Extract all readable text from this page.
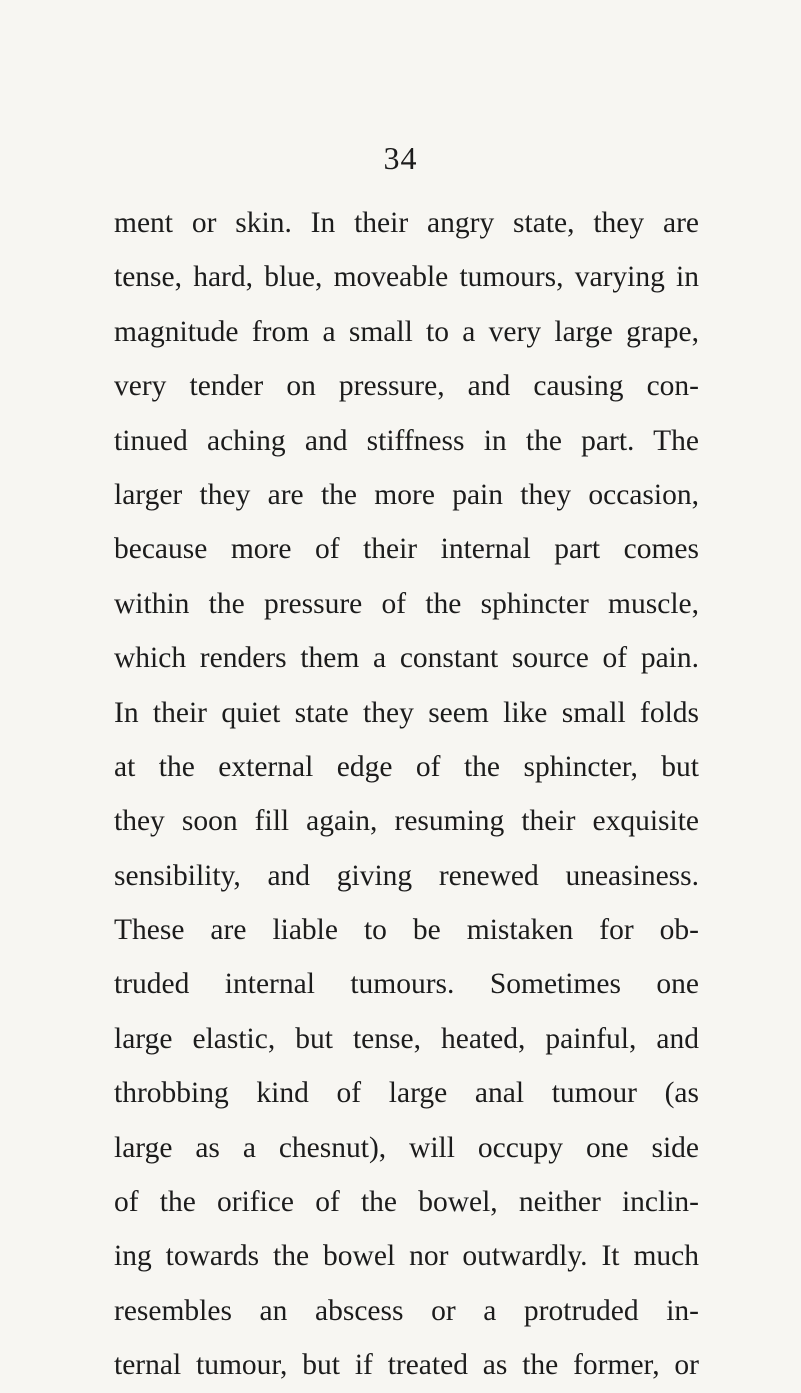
34
ment or skin. In their angry state, they are
tense, hard, blue, moveable tumours, varying in
magnitude from a small to a very large grape,
very tender on pressure, and causing con-
tinued aching and stiffness in the part. The
larger they are the more pain they occasion,
because more of their internal part comes
within the pressure of the sphincter muscle,
which renders them a constant source of pain.
In their quiet state they seem like small folds
at the external edge of the sphincter, but
they soon fill again, resuming their exquisite
sensibility, and giving renewed uneasiness.
These are liable to be mistaken for ob-
truded internal tumours. Sometimes one
large elastic, but tense, heated, painful, and
throbbing kind of large anal tumour (as
large as a chesnut), will occupy one side
of the orifice of the bowel, neither inclin-
ing towards the bowel nor outwardly. It much
resembles an abscess or a protruded in-
ternal tumour, but if treated as the former, or
